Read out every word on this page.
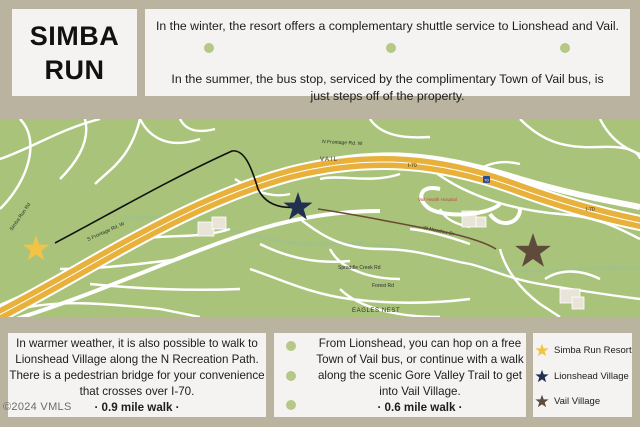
SIMBA
RUN
In the winter, the resort offers a complementary shuttle service to Lionshead and Vail.
In the summer, the bus stop, serviced by the complimentary Town of Vail bus, is just steps off of the property.
N Frontage Rd. W
S Frontage Rd. W
VAIL
I-70
I-70
W Meadow Dr
Spraddle Creek Rd
Forest Rd
EAGLES NEST
Simba Run Rd
Vail Health Hospital
70
In warmer weather, it is also possible to walk to Lionshead Village along the N Recreation Path. There is a pedestrian bridge for your convenience that crosses over I-70.
· 0.9 mile walk ·
From Lionshead, you can hop on a free Town of Vail bus, or continue with a walk along the scenic Gore Valley Trail to get into Vail Village.
· 0.6 mile walk ·
Simba Run Resort
Lionshead Village
Vail Village
©2024 VMLS
